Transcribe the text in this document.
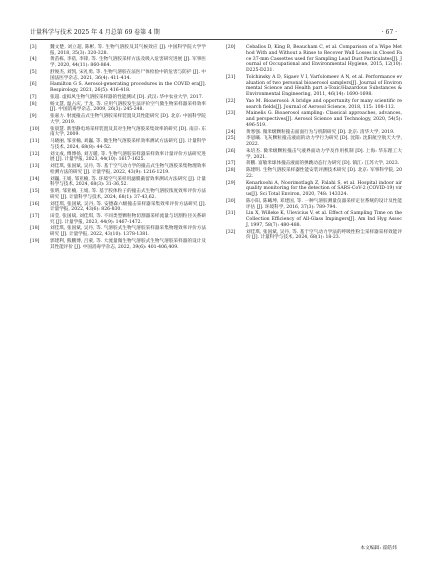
计量科学与技术 2025 年 4 月总第 69 卷第 4 期	· 67 ·
[3]	魏文楚, 刘立超, 陈彬, 等. 生物气溶胶及其气候效应 [J]. 中国科学院大学学报, 2018, 35(3): 320-328.
[4]	黄苗栋, 李蓓, 李锋, 等. 生物气溶胶采样方法及吸入危害研究进展 [J]. 军事医学, 2020, 44(11): 860-864.
[5]	舒俊杰, 刘凯, 宋礼勇, 等. 生物气溶胶在法医尸体检验中的危害与防护 [J]. 中国法医学杂志, 2021, 36(4): 411-414.
[6]	Hamilton G S. Aerosol-generating procedures in the COVID era[J]. Respirology, 2021, 26(5): 416-418.
[7]	张超. 虚拟风生物气溶胶采样器的性能测试 [D]. 武汉: 华中农业大学, 2017.
[8]	杨文慧, 温占庆, 于龙, 等. 应用气溶胶发生法评价空气微生物采样器采样效率 [J]. 中国消毒学杂志, 2009, 26(3): 245-248.
[9]	张嘉力. 射流撞击式生物气溶胶采样装置及其性能研究 [D]. 北京: 中国科学院大学, 2019.
[10] 张晨慧. 新型静电场采样装置及其对生物气溶胶采集效率的研究 [D]. 南京: 东南大学, 2009.
[11] 马晓丽, 邹亚楠, 刘巍, 等. 微生物气溶胶采样效率测试方法研究 [J]. 计量科学与技术, 2024, 68(8): 44-52.
[12] 刘文成, 傅博扬, 刘万暖, 等. 生物气溶胶采样器采样效率计量评价方法研究进展 [J]. 计量学报, 2023, 44(10): 1617-1625.
[13] 刘佳琪, 张国斌, 吴丹, 等. 基于空气动力学的撞击式生物气溶胶采集物理效率检测方法的研究 [J]. 计量学报, 2022, 43(9): 1216-1219.
[14] 刘巍, 王娟, 邹亚楠, 等. 环境空气采样用滤膜截留效率测试方法研究 [J]. 计量科学与技术, 2024, 68(3): 31-36,52.
[15] 张明, 邹亚楠, 王娟, 等. 基于胶体粒子的撞击式生物气溶胶浓度效率评价方法研究 [J]. 计量科学与技术, 2024, 68(1): 37-43,62.
[16] 刘佳琪, 张国斌, 吴丹, 等. 安德森六级撞击采样器采集效率评价方法研究 [J]. 计量学报, 2022, 43(6): 826-830.
[17] 田莹, 张国斌, 刘佳琪, 等. 不同类型颗粒物切割器采样流量与切割粒径关系研究 [J]. 计量学报, 2023, 44(9): 1467-1472.
[18] 刘佳琪, 张国斌, 吴丹, 等. 气溶胶式生物气溶胶采样器采集物理效率评价方法研究 [J]. 计量学报, 2022, 43(10): 1378-1381.
[19] 郭建利, 熊鹏博, 吕蒙, 等. 大流量微生物气溶胶式生物气溶胶采样器的设计及其性能评价 [J]. 中国消毒学杂志, 2022, 39(6): 401-406,409.
[20] Ceballos D, King B, Beaucham C, et al. Comparison of a Wipe Method With and Without a Rinse to Recover Wall Losses in Closed Face 37-mm Cassettes used for Sampling Lead Dust Particulates[J]. Journal of Occupational and Environmental Hygiene, 2015, 12(10): D225-D231.
[21] Tolchinsky A D, Sigaev V I, Varfolomeev A N, et al. Performance evaluation of two personal bioaerosol samplers[J]. Journal of Environmental Science and Health part a-Toxic/Hazardous Substances & Environmental Engineering, 2011, 46(14): 1690-1698.
[22] Yao M. Bioaerosol: A bridge and opportunity for many scientific research fields[J]. Journal of Aerosol Science, 2018, 115: 108-112.
[23] Mainelis G. Bioaerosol sampling: Classical approaches, advances, and perspectives[J]. Aerosol Science and Technology, 2020, 54(5): 496-519.
[24] 黄寒强. 微米级颗粒撞击面面行为与机制研究 [D]. 北京: 清华大学, 2019.
[25] 李思曦. 飞灰颗粒撞击液面的动力学行为研究 [D]. 沈阳: 沈阳航空航天大学, 2022.
[26] 朱培杰. 微米级颗粒撞击气液界面动力学及作用机制 [D]. 上海: 华东理工大学, 2021.
[27] 蒋鹏. 富敏米球体撞击液面的弹跳动态行为研究 [D]. 镇江: 江苏大学, 2023.
[28] 陈建明. 生物气溶胶采样器性能安装评测技术研究 [D]. 北京: 军事科学院, 2022.
[29] Kenarkoohi A, Noorimotlagh Z, Falahi S, et al. Hospital indoor air quality monitoring for the detection of SARS-CoV-2 (COVID-19) virus[J]. Sci Total Environ, 2020, 748: 143324.
[30] 陈小阳, 陈曦坤, 邓建国, 等. 一种气溶胶测量仪器采样定位系统的设计及性能评估 [J]. 环境科学, 2016, 37(3): 789-794.
[31] Lin X, Willeke K, Ulevicius V, et al. Effect of Sampling Time on the Collection Efficiency of All-Glass Impingers[J]. Am Ind Hyg Assoc J, 1997, 58(7): 480-488.
[32] 刘佳琪, 张国斌, 吴丹, 等. 基于空气动力学法的呼吸性粉尘采样器采样效能评价 [J]. 计量科学与技术, 2024, 68(1): 18-23.
本文编辑: 霍皓炜
